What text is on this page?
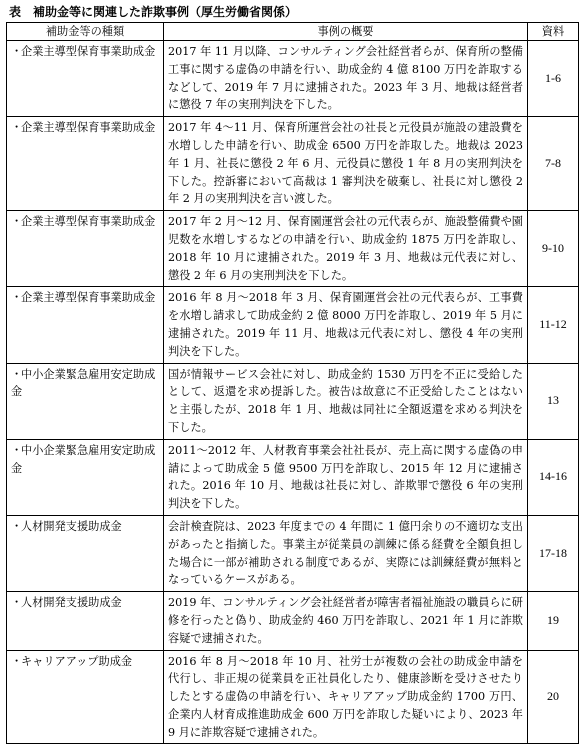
表　補助金等に関連した詐欺事例（厚生労働省関係）
補助金等の種類	事例の概要	資料
・企業主導型保育事業助成金	2017 年 11 月以降、コンサルティング会社経営者らが、保育所の整備工事に関する虚偽の申請を行い、助成金約 4 億 8100 万円を詐取するなどして、2019 年 7 月に逮捕された。2023 年 3 月、地裁は経営者に懲役 7 年の実刑判決を下した。	1-6
・企業主導型保育事業助成金	2017 年 4～11 月、保育所運営会社の社長と元役員が施設の建設費を水増しした申請を行い、助成金 6500 万円を詐取した。地裁は 2023 年 1 月、社長に懲役 2 年 6 月、元役員に懲役 1 年 8 月の実刑判決を下した。控訴審において高裁は 1 審判決を破棄し、社長に対し懲役 2 年 2 月の実刑判決を言い渡した。	7-8
・企業主導型保育事業助成金	2017 年 2 月～12 月、保育園運営会社の元代表らが、施設整備費や園児数を水増しするなどの申請を行い、助成金約 1875 万円を詐取し、2018 年 10 月に逮捕された。2019 年 3 月、地裁は元代表に対し、懲役 2 年 6 月の実刑判決を下した。	9-10
・企業主導型保育事業助成金	2016 年 8 月～2018 年 3 月、保育園運営会社の元代表らが、工事費を水増し請求して助成金約 2 億 8000 万円を詐取し、2019 年 5 月に逮捕された。2019 年 11 月、地裁は元代表に対し、懲役 4 年の実刑判決を下した。	11-12
・中小企業緊急雇用安定助成金	国が情報サービス会社に対し、助成金約 1530 万円を不正に受給したとして、返還を求め提訴した。被告は故意に不正受給したことはないと主張したが、2018 年 1 月、地裁は同社に全額返還を求める判決を下した。	13
・中小企業緊急雇用安定助成金	2011～2012 年、人材教育事業会社社長が、売上高に関する虚偽の申請によって助成金 5 億 9500 万円を詐取し、2015 年 12 月に逮捕された。2016 年 10 月、地裁は社長に対し、詐欺罪で懲役 6 年の実刑判決を下した。	14-16
・人材開発支援助成金	会計検査院は、2023 年度までの 4 年間に 1 億円余りの不適切な支出があったと指摘した。事業主が従業員の訓練に係る経費を全額負担した場合に一部が補助される制度であるが、実際には訓練経費が無料となっているケースがある。	17-18
・人材開発支援助成金	2019 年、コンサルティング会社経営者が障害者福祉施設の職員らに研修を行ったと偽り、助成金約 460 万円を詐取し、2021 年 1 月に詐欺容疑で逮捕された。	19
・キャリアアップ助成金	2016 年 8 月～2018 年 10 月、社労士が複数の会社の助成金申請を代行し、非正規の従業員を正社員化したり、健康診断を受けさせたりしたとする虚偽の申請を行い、キャリアアップ助成金約 1700 万円、企業内人材育成推進助成金 600 万円を詐取した疑いにより、2023 年 9 月に詐欺容疑で逮捕された。	20
